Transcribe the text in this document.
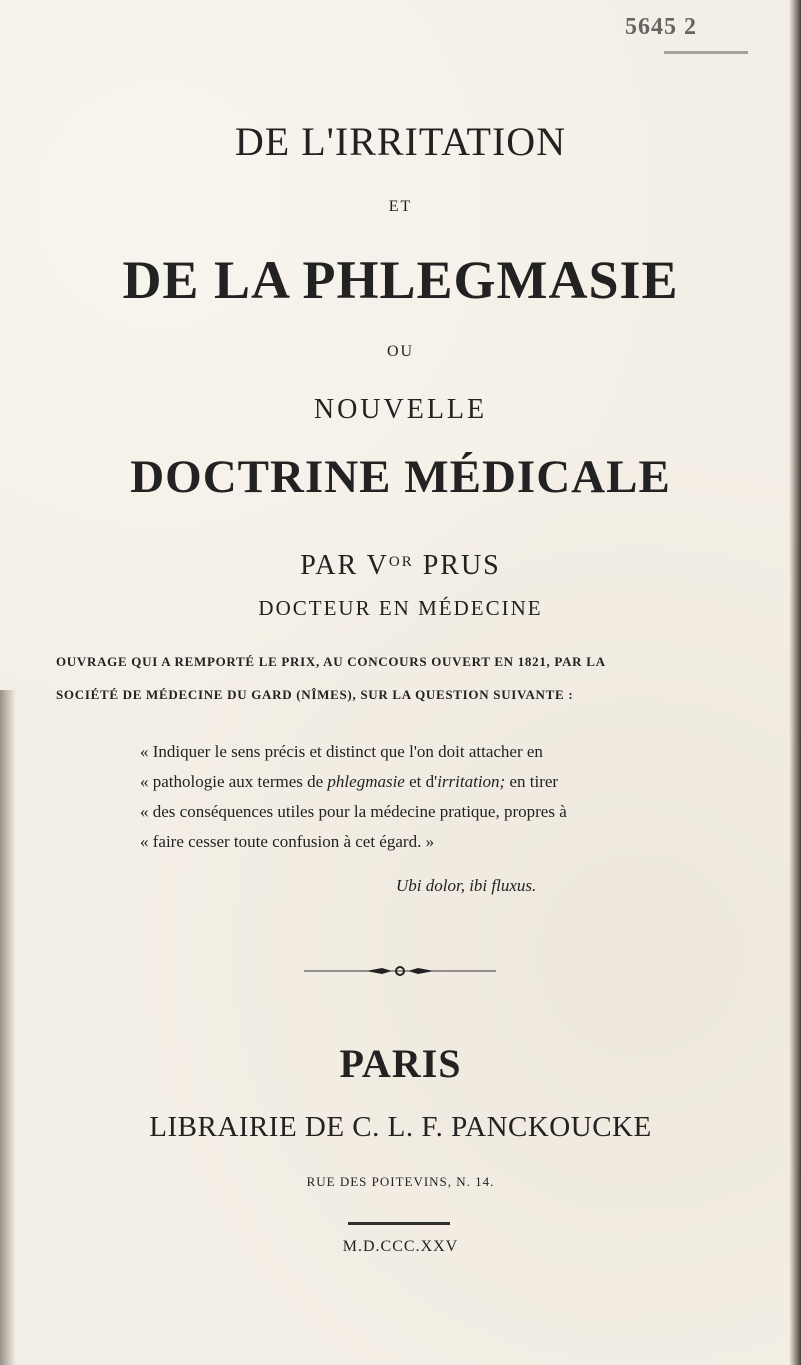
5645 2
DE L'IRRITATION
ET
DE LA PHLEGMASIE
OU
NOUVELLE
DOCTRINE MÉDICALE
PAR $V^{OR}$ PRUS
DOCTEUR EN MÉDECINE
OUVRAGE QUI A REMPORTÉ LE PRIX, AU CONCOURS OUVERT EN 1821, PAR LA
SOCIÉTÉ DE MÉDECINE DU GARD (NÎMES), SUR LA QUESTION SUIVANTE :
« Indiquer le sens précis et distinct que l'on doit attacher en
« pathologie aux termes de phlegmasie et d'irritation; en tirer
« des conséquences utiles pour la médecine pratique, propres à
« faire cesser toute confusion à cet égard. »
Ubi dolor, ibi fluxus.
PARIS
LIBRAIRIE DE C. L. F. PANCKOUCKE
RUE DES POITEVINS, N. 14.
M.D.CCC.XXV
